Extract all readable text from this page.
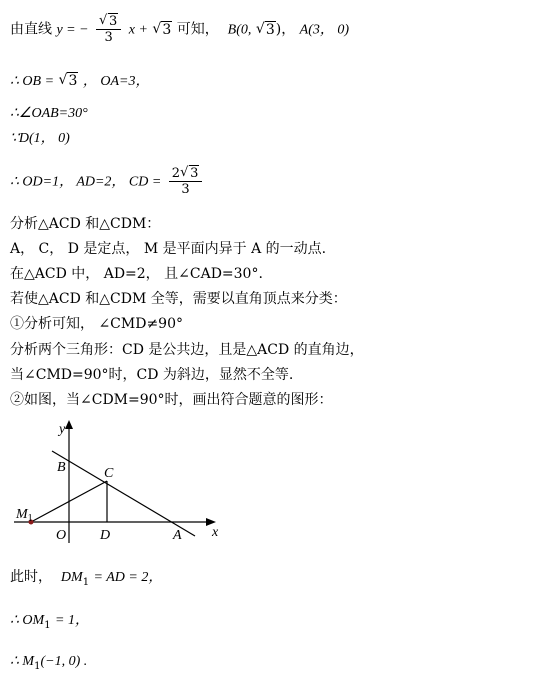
由直线 y = − √ $\frac{3}{3}$ x + √ 3 可知， B(0, √ 3)， A(3， 0)
∴ OB = √ 3 ， OA=3，
∴∠OAB=30°
∵D(1， 0)
∴ OD=1， AD=2， CD = $\frac{2 √ 3}{3}$
分析△ACD 和△CDM：
A， C， D 是定点， M 是平面内异于 A 的一动点.
在△ACD 中， AD=2， 且∠CAD=30°.
若使△ACD 和△CDM 全等，需要以直角顶点来分类：
①分析可知， ∠CMD≠90°
分析两个三角形：CD 是公共边，且是△ACD 的直角边，
当∠CMD=90°时，CD 为斜边，显然不全等.
②如图，当∠CDM=90°时，画出符合题意的图形：
y
x
B	C
$M_1$
O D	A
此时， $DM_1$ = AD = 2，
∴ $OM_1 = 1$，
∴ $M_1(-1$, 0) .
